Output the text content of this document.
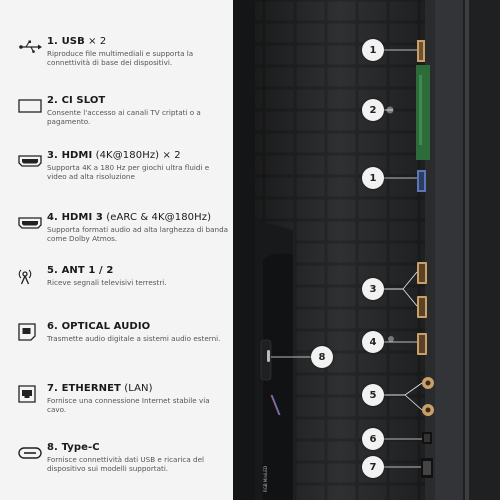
1. USB × 2
Riproduce file multimediali e supporta la connettività di base dei dispositivi.
2. CI SLOT
Consente l'accesso ai canali TV criptati o a pagamento.
3. HDMI (4K@180Hz) × 2
Supporta 4K a 180 Hz per giochi ultra fluidi e video ad alta risoluzione
4. HDMI 3 (eARC & 4K@180Hz)
Supporta formati audio ad alta larghezza di banda come Dolby Atmos.
5. ANT 1 / 2
Riceve segnali televisivi terrestri.
6. OPTICAL AUDIO
Trasmette audio digitale a sistemi audio esterni.
7. ETHERNET (LAN)
Fornisce una connessione Internet stabile via cavo.
8. Type-C
Fornisce connettività dati USB e ricarica del dispositivo sui modelli supportati.
1
2
1
3
4
5
6
7
8
RGB MiniLED
